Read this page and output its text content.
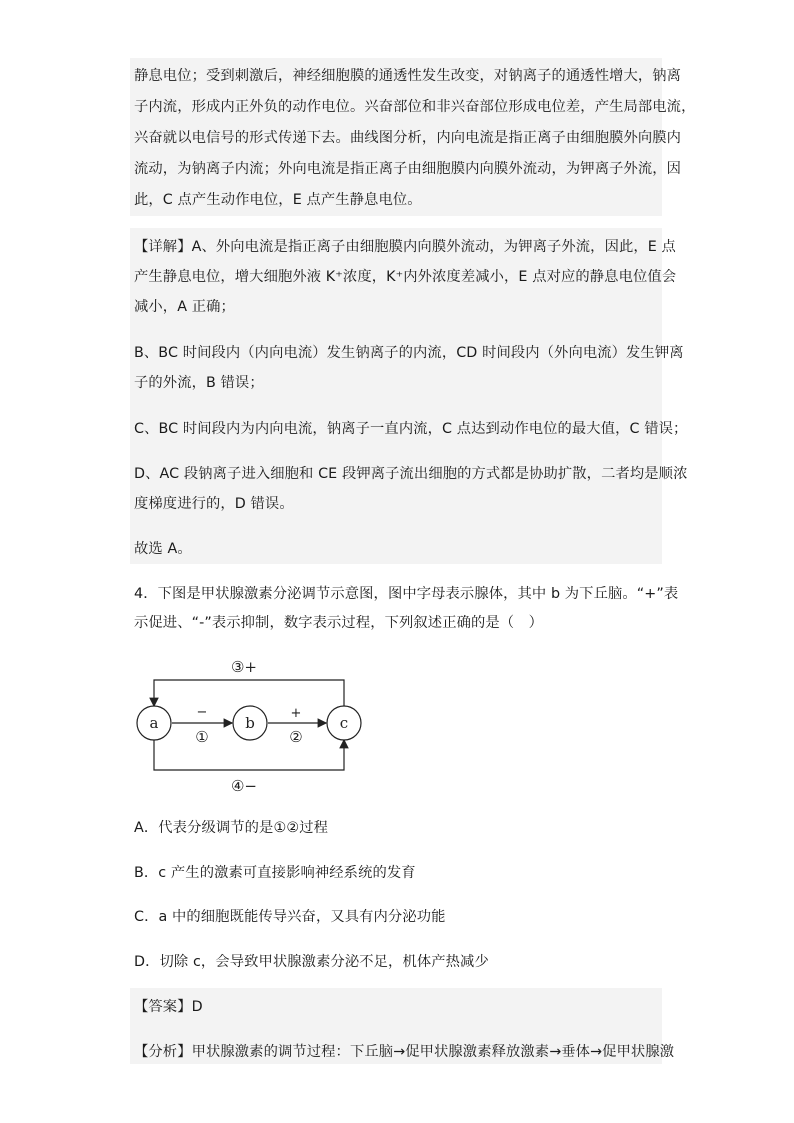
静息电位；受到刺激后，神经细胞膜的通透性发生改变，对钠离子的通透性增大，钠离
子内流，形成内正外负的动作电位。兴奋部位和非兴奋部位形成电位差，产生局部电流，
兴奋就以电信号的形式传递下去。曲线图分析，内向电流是指正离子由细胞膜外向膜内
流动，为钠离子内流；外向电流是指正离子由细胞膜内向膜外流动，为钾离子外流，因
此，C 点产生动作电位，E 点产生静息电位。
【详解】A、外向电流是指正离子由细胞膜内向膜外流动，为钾离子外流，因此，E 点
产生静息电位，增大细胞外液 K⁺浓度，K⁺内外浓度差减小，E 点对应的静息电位值会
减小，A 正确；
B、BC 时间段内（内向电流）发生钠离子的内流，CD 时间段内（外向电流）发生钾离
子的外流，B 错误；
C、BC 时间段内为内向电流，钠离子一直内流，C 点达到动作电位的最大值，C 错误；
D、AC 段钠离子进入细胞和 CE 段钾离子流出细胞的方式都是协助扩散，二者均是顺浓
度梯度进行的，D 错误。
故选 A。
4．下图是甲状腺激素分泌调节示意图，图中字母表示腺体，其中 b 为下丘脑。“+”表
示促进、“-”表示抑制，数字表示过程，下列叙述正确的是（　）
③+
④−
−
①
+
②
a	b	c
A．代表分级调节的是①②过程
B．c 产生的激素可直接影响神经系统的发育
C．a 中的细胞既能传导兴奋，又具有内分泌功能
D．切除 c，会导致甲状腺激素分泌不足，机体产热减少
【答案】D
【分析】甲状腺激素的调节过程：下丘脑→促甲状腺激素释放激素→垂体→促甲状腺激
